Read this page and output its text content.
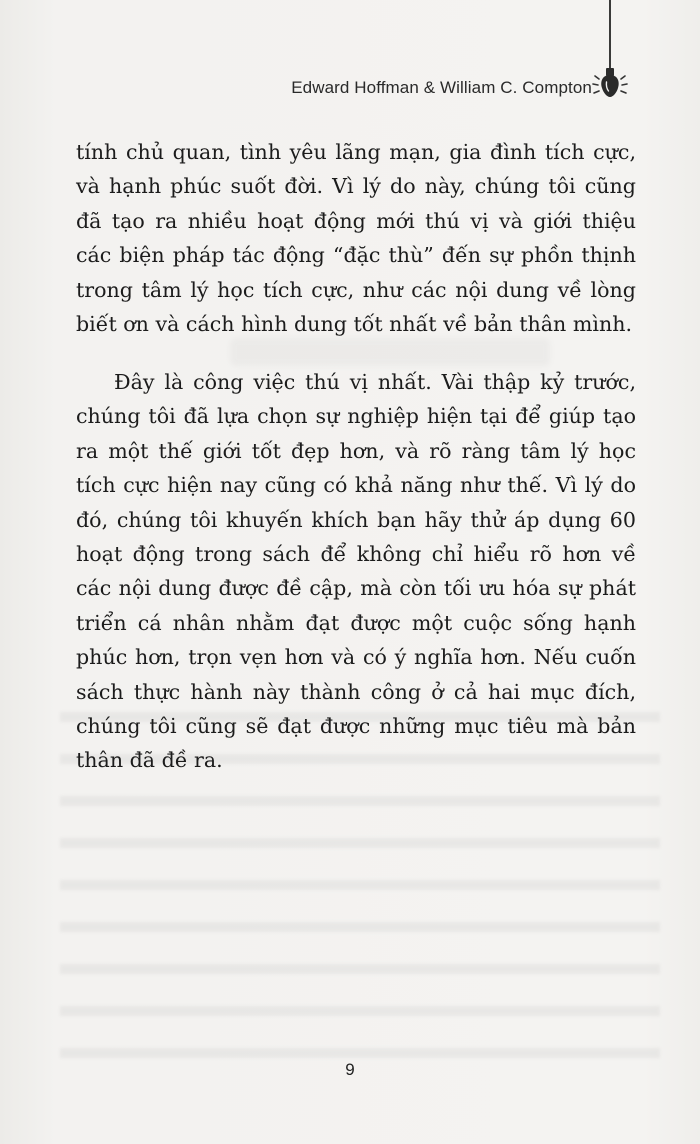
Edward Hoffman & William C. Compton

tính chủ quan, tình yêu lãng mạn, gia đình tích cực,
và hạnh phúc suốt đời. Vì lý do này, chúng tôi cũng
đã tạo ra nhiều hoạt động mới thú vị và giới thiệu
các biện pháp tác động “đặc thù” đến sự phồn thịnh
trong tâm lý học tích cực, như các nội dung về lòng
biết ơn và cách hình dung tốt nhất về bản thân mình.

Đây là công việc thú vị nhất. Vài thập kỷ trước,
chúng tôi đã lựa chọn sự nghiệp hiện tại để giúp tạo
ra một thế giới tốt đẹp hơn, và rõ ràng tâm lý học
tích cực hiện nay cũng có khả năng như thế. Vì lý do
đó, chúng tôi khuyến khích bạn hãy thử áp dụng 60
hoạt động trong sách để không chỉ hiểu rõ hơn về
các nội dung được đề cập, mà còn tối ưu hóa sự phát
triển cá nhân nhằm đạt được một cuộc sống hạnh
phúc hơn, trọn vẹn hơn và có ý nghĩa hơn. Nếu cuốn
sách thực hành này thành công ở cả hai mục đích,
chúng tôi cũng sẽ đạt được những mục tiêu mà bản
thân đã đề ra.

9
